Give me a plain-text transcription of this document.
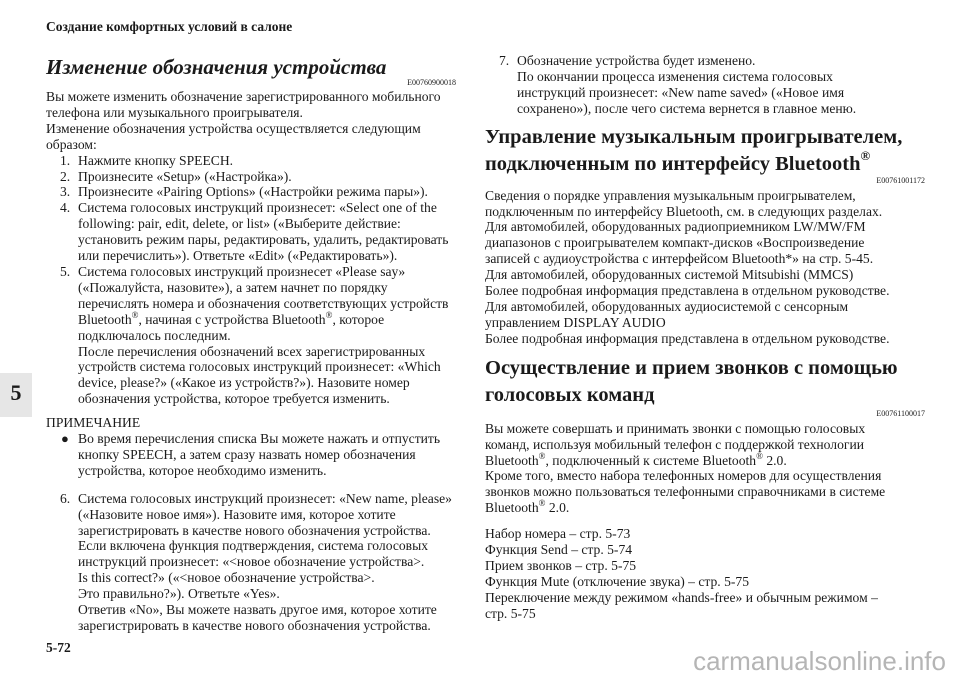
Создание комфортных условий в салоне
Изменение обозначения устройства
E00760900018
Вы можете изменить обозначение зарегистрированного мобильного
телефона или музыкального проигрывателя.
Изменение обозначения устройства осуществляется следующим
образом:
1. Нажмите кнопку SPEECH.
2. Произнесите «Setup» («Настройка»).
3. Произнесите «Pairing Options» («Настройки режима пары»).
4. Система голосовых инструкций произнесет: «Select one of the
following: pair, edit, delete, or list» («Выберите действие:
установить режим пары, редактировать, удалить, редактировать
или перечислить»). Ответьте «Edit» («Редактировать»).
5. Система голосовых инструкций произнесет «Please say»
(«Пожалуйста, назовите»), а затем начнет по порядку
перечислять номера и обозначения соответствующих устройств
Bluetooth®, начиная с устройства Bluetooth®, которое
подключалось последним.
После перечисления обозначений всех зарегистрированных
устройств система голосовых инструкций произнесет: «Which
device, please?» («Какое из устройств?»). Назовите номер
обозначения устройства, которое требуется изменить.
ПРИМЕЧАНИЕ
● Во время перечисления списка Вы можете нажать и отпустить
кнопку SPEECH, а затем сразу назвать номер обозначения
устройства, которое необходимо изменить.
6. Система голосовых инструкций произнесет: «New name, please»
(«Назовите новое имя»). Назовите имя, которое хотите
зарегистрировать в качестве нового обозначения устройства.
Если включена функция подтверждения, система голосовых
инструкций произнесет: «<новое обозначение устройства>.
Is this correct?» («<новое обозначение устройства>.
Это правильно?»). Ответьте «Yes».
Ответив «No», Вы можете назвать другое имя, которое хотите
зарегистрировать в качестве нового обозначения устройства.
5
5-72
7. Обозначение устройства будет изменено.
По окончании процесса изменения система голосовых
инструкций произнесет: «New name saved» («Новое имя
сохранено»), после чего система вернется в главное меню.
Управление музыкальным проигрывателем,
подключенным по интерфейсу Bluetooth®
E00761001172
Сведения о порядке управления музыкальным проигрывателем,
подключенным по интерфейсу Bluetooth, см. в следующих разделах.
Для автомобилей, оборудованных радиоприемником LW/MW/FM
диапазонов с проигрывателем компакт-дисков «Воспроизведение
записей с аудиоустройства с интерфейсом Bluetooth*» на стр. 5-45.
Для автомобилей, оборудованных системой Mitsubishi (MMCS)
Более подробная информация представлена в отдельном руководстве.
Для автомобилей, оборудованных аудиосистемой с сенсорным
управлением DISPLAY AUDIO
Более подробная информация представлена в отдельном руководстве.
Осуществление и прием звонков с помощью
голосовых команд
E00761100017
Вы можете совершать и принимать звонки с помощью голосовых
команд, используя мобильный телефон с поддержкой технологии
Bluetooth®, подключенный к системе Bluetooth® 2.0.
Кроме того, вместо набора телефонных номеров для осуществления
звонков можно пользоваться телефонными справочниками в системе
Bluetooth® 2.0.
Набор номера – стр. 5-73
Функция Send – стр. 5-74
Прием звонков – стр. 5-75
Функция Mute (отключение звука) – стр. 5-75
Переключение между режимом «hands-free» и обычным режимом –
стр. 5-75
carmanualsonline.info
